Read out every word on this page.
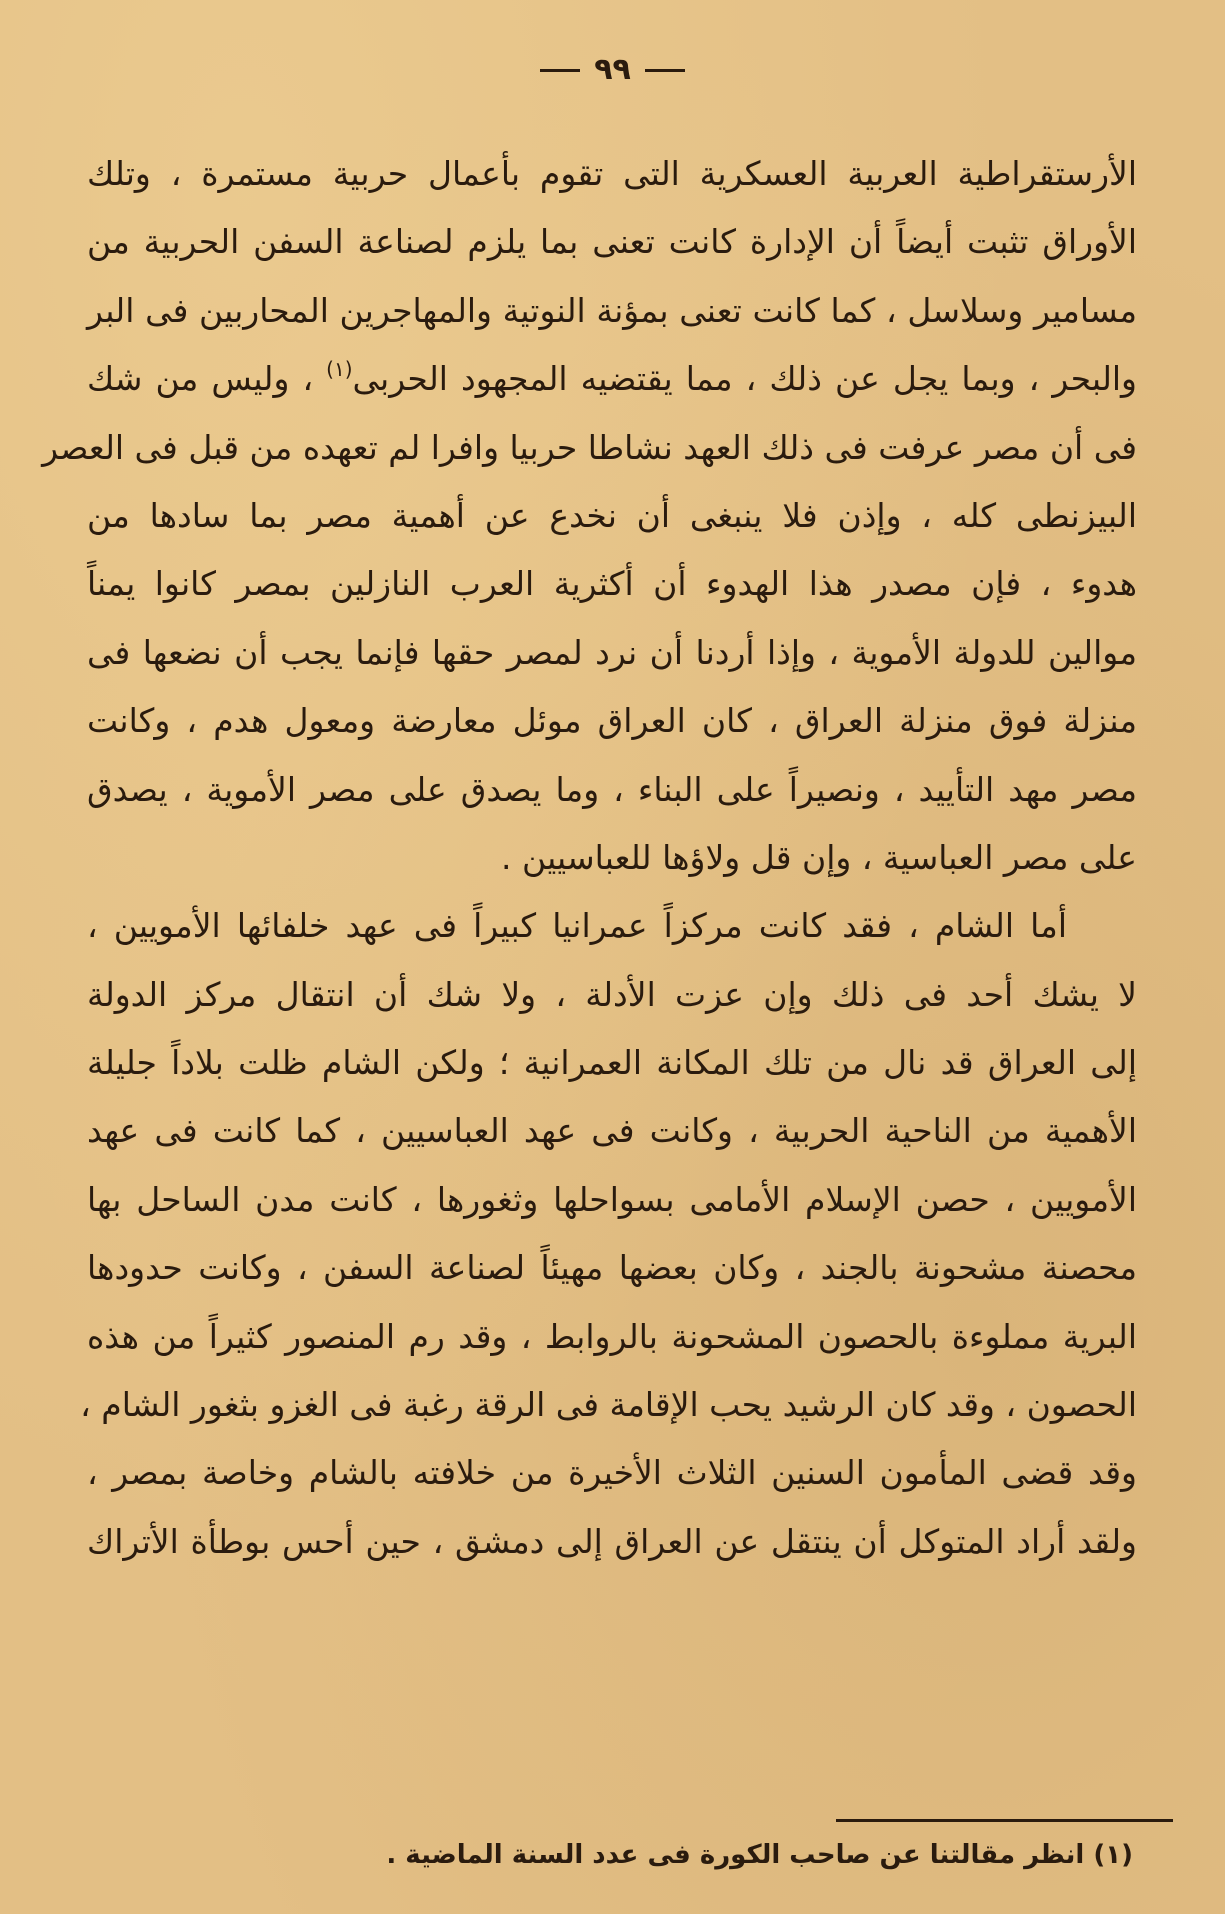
٩٩
الأرستقراطية العربية العسكرية التى تقوم بأعمال حربية مستمرة ، وتلك
الأوراق تثبت أيضاً أن الإدارة كانت تعنى بما يلزم لصناعة السفن الحربية من
مسامير وسلاسل ، كما كانت تعنى بمؤنة النوتية والمهاجرين المحاربين فى البر
والبحر ، وبما يجل عن ذلك ، مما يقتضيه المجهود الحربى$^{(١)}$ ، وليس من شك
فى أن مصر عرفت فى ذلك العهد نشاطا حربيا وافرا لم تعهده من قبل فى العصر
البيزنطى كله ، وإذن فلا ينبغى أن نخدع عن أهمية مصر بما سادها من
هدوء ، فإن مصدر هذا الهدوء أن أكثرية العرب النازلين بمصر كانوا يمناً
موالين للدولة الأموية ، وإذا أردنا أن نرد لمصر حقها فإنما يجب أن نضعها فى
منزلة فوق منزلة العراق ، كان العراق موئل معارضة ومعول هدم ، وكانت
مصر مهد التأييد ، ونصيراً على البناء ، وما يصدق على مصر الأموية ، يصدق
على مصر العباسية ، وإن قل ولاؤها للعباسيين .
أما الشام ، فقد كانت مركزاً عمرانيا كبيراً فى عهد خلفائها الأمويين ،
لا يشك أحد فى ذلك وإن عزت الأدلة ، ولا شك أن انتقال مركز الدولة
إلى العراق قد نال من تلك المكانة العمرانية ؛ ولكن الشام ظلت بلاداً جليلة
الأهمية من الناحية الحربية ، وكانت فى عهد العباسيين ، كما كانت فى عهد
الأمويين ، حصن الإسلام الأمامى بسواحلها وثغورها ، كانت مدن الساحل بها
محصنة مشحونة بالجند ، وكان بعضها مهيئاً لصناعة السفن ، وكانت حدودها
البرية مملوءة بالحصون المشحونة بالروابط ، وقد رم المنصور كثيراً من هذه
الحصون ، وقد كان الرشيد يحب الإقامة فى الرقة رغبة فى الغزو بثغور الشام ،
وقد قضى المأمون السنين الثلاث الأخيرة من خلافته بالشام وخاصة بمصر ،
ولقد أراد المتوكل أن ينتقل عن العراق إلى دمشق ، حين أحس بوطأة الأتراك
(١) انظر مقالتنا عن صاحب الكورة فى عدد السنة الماضية .
